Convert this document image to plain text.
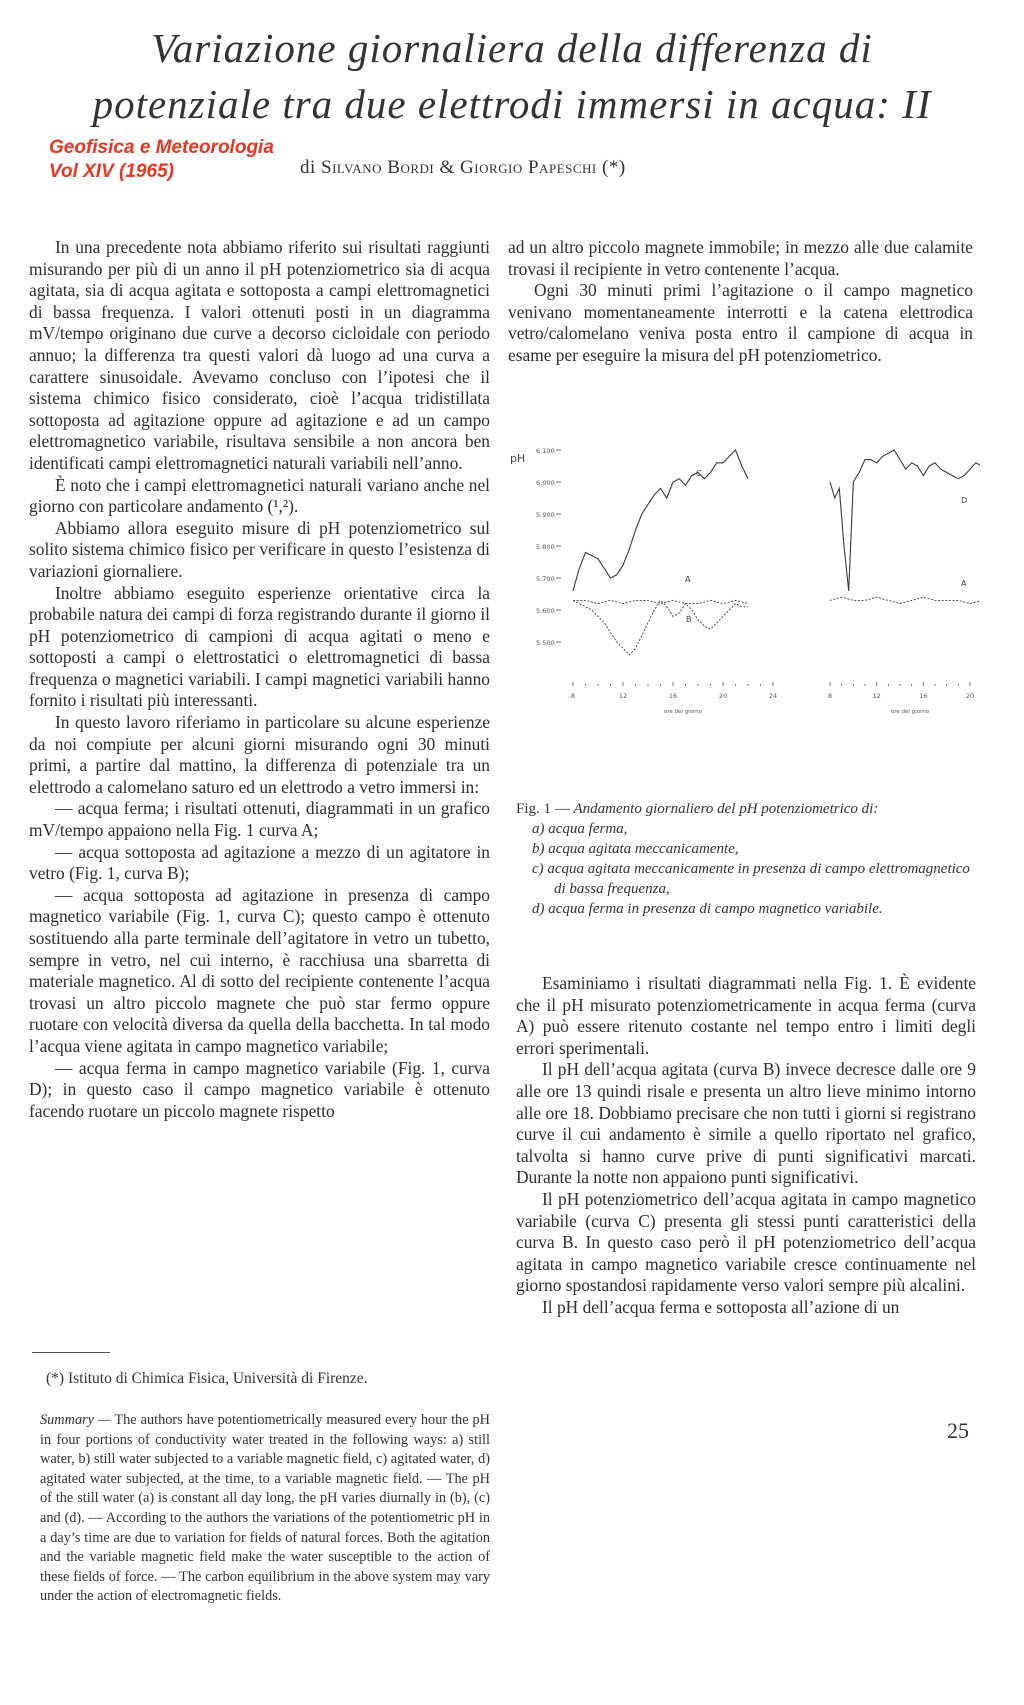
Variazione giornaliera della differenza di
potenziale tra due elettrodi immersi in acqua: II
Geofisica e Meteorologia
Vol XIV (1965)	di Silvano Bordi & Giorgio Papeschi (*)

In una precedente nota abbiamo riferito sui risultati raggiunti misurando per più di un anno il pH potenziometrico sia di acqua agitata, sia di acqua agitata e sottoposta a campi elettromagnetici di bassa frequenza. I valori ottenuti posti in un diagramma mV/tempo originano due curve a decorso cicloidale con periodo annuo; la differenza tra questi valori dà luogo ad una curva a carattere sinusoidale. Avevamo concluso con l’ipotesi che il sistema chimico fisico considerato, cioè l’acqua tridistillata sottoposta ad agitazione oppure ad agitazione e ad un campo elettromagnetico variabile, risultava sensibile a non ancora ben identificati campi elettromagnetici naturali variabili nell’anno.

È noto che i campi elettromagnetici naturali variano anche nel giorno con particolare andamento (¹,²).

Abbiamo allora eseguito misure di pH potenziometrico sul solito sistema chimico fisico per verificare in questo l’esistenza di variazioni giornaliere.

Inoltre abbiamo eseguito esperienze orientative circa la probabile natura dei campi di forza registrando durante il giorno il pH potenziometrico di campioni di acqua agitati o meno e sottoposti a campi o elettrostatici o elettromagnetici di bassa frequenza o magnetici variabili. I campi magnetici variabili hanno fornito i risultati più interessanti.

In questo lavoro riferiamo in particolare su alcune esperienze da noi compiute per alcuni giorni misurando ogni 30 minuti primi, a partire dal mattino, la differenza di potenziale tra un elettrodo a calomelano saturo ed un elettrodo a vetro immersi in:

— acqua ferma; i risultati ottenuti, diagrammati in un grafico mV/tempo appaiono nella Fig. 1 curva A;

— acqua sottoposta ad agitazione a mezzo di un agitatore in vetro (Fig. 1, curva B);

— acqua sottoposta ad agitazione in presenza di campo magnetico variabile (Fig. 1, curva C); questo campo è ottenuto sostituendo alla parte terminale dell’agitatore in vetro un tubetto, sempre in vetro, nel cui interno, è racchiusa una sbarretta di materiale magnetico. Al di sotto del recipiente contenente l’acqua trovasi un altro piccolo magnete che può star fermo oppure ruotare con velocità diversa da quella della bacchetta. In tal modo l’acqua viene agitata in campo magnetico variabile;

— acqua ferma in campo magnetico variabile (Fig. 1, curva D); in questo caso il campo magnetico variabile è ottenuto facendo ruotare un piccolo magnete rispetto

ad un altro piccolo magnete immobile; in mezzo alle due calamite trovasi il recipiente in vetro contenente l’acqua.

Ogni 30 minuti primi l’agitazione o il campo magnetico venivano momentaneamente interrotti e la catena elettrodica vetro/calomelano veniva posta entro il campione di acqua in esame per eseguire la misura del pH potenziometrico.

pH
6.100
6.000
5.900
5.800
5.700
5.600
5.500
8	12	16	20	24
ore del giorno
C
A
B
8	12	16	20
ore del giorno
D
A
Fig. 1 — Andamento giornaliero del pH potenziometrico di:
a) acqua ferma,
b) acqua agitata meccanicamente,
c) acqua agitata meccanicamente in presenza di campo elettromagnetico di bassa frequenza,
d) acqua ferma in presenza di campo magnetico variabile.

Esaminiamo i risultati diagrammati nella Fig. 1. È evidente che il pH misurato potenziometricamente in acqua ferma (curva A) può essere ritenuto costante nel tempo entro i limiti degli errori sperimentali.

Il pH dell’acqua agitata (curva B) invece decresce dalle ore 9 alle ore 13 quindi risale e presenta un altro lieve minimo intorno alle ore 18. Dobbiamo precisare che non tutti i giorni si registrano curve il cui andamento è simile a quello riportato nel grafico, talvolta si hanno curve prive di punti significativi marcati. Durante la notte non appaiono punti significativi.

Il pH potenziometrico dell’acqua agitata in campo magnetico variabile (curva C) presenta gli stessi punti caratteristici della curva B. In questo caso però il pH potenziometrico dell’acqua agitata in campo magnetico variabile cresce continuamente nel giorno spostandosi rapidamente verso valori sempre più alcalini.

Il pH dell’acqua ferma e sottoposta all’azione di un

(*) Istituto di Chimica Fisica, Università di Firenze.
Summary — The authors have potentiometrically measured every hour the pH in four portions of conductivity water treated in the following ways: a) still water, b) still water subjected to a variable magnetic field, c) agitated water, d) agitated water subjected, at the time, to a variable magnetic field. — The pH of the still water (a) is constant all day long, the pH varies diurnally in (b), (c) and (d). — According to the authors the variations of the potentiometric pH in a day’s time are due to variation for fields of natural forces. Both the agitation and the variable magnetic field make the water susceptible to the action of these fields of force. — The carbon equilibrium in the above system may vary under the action of electromagnetic fields.
25
